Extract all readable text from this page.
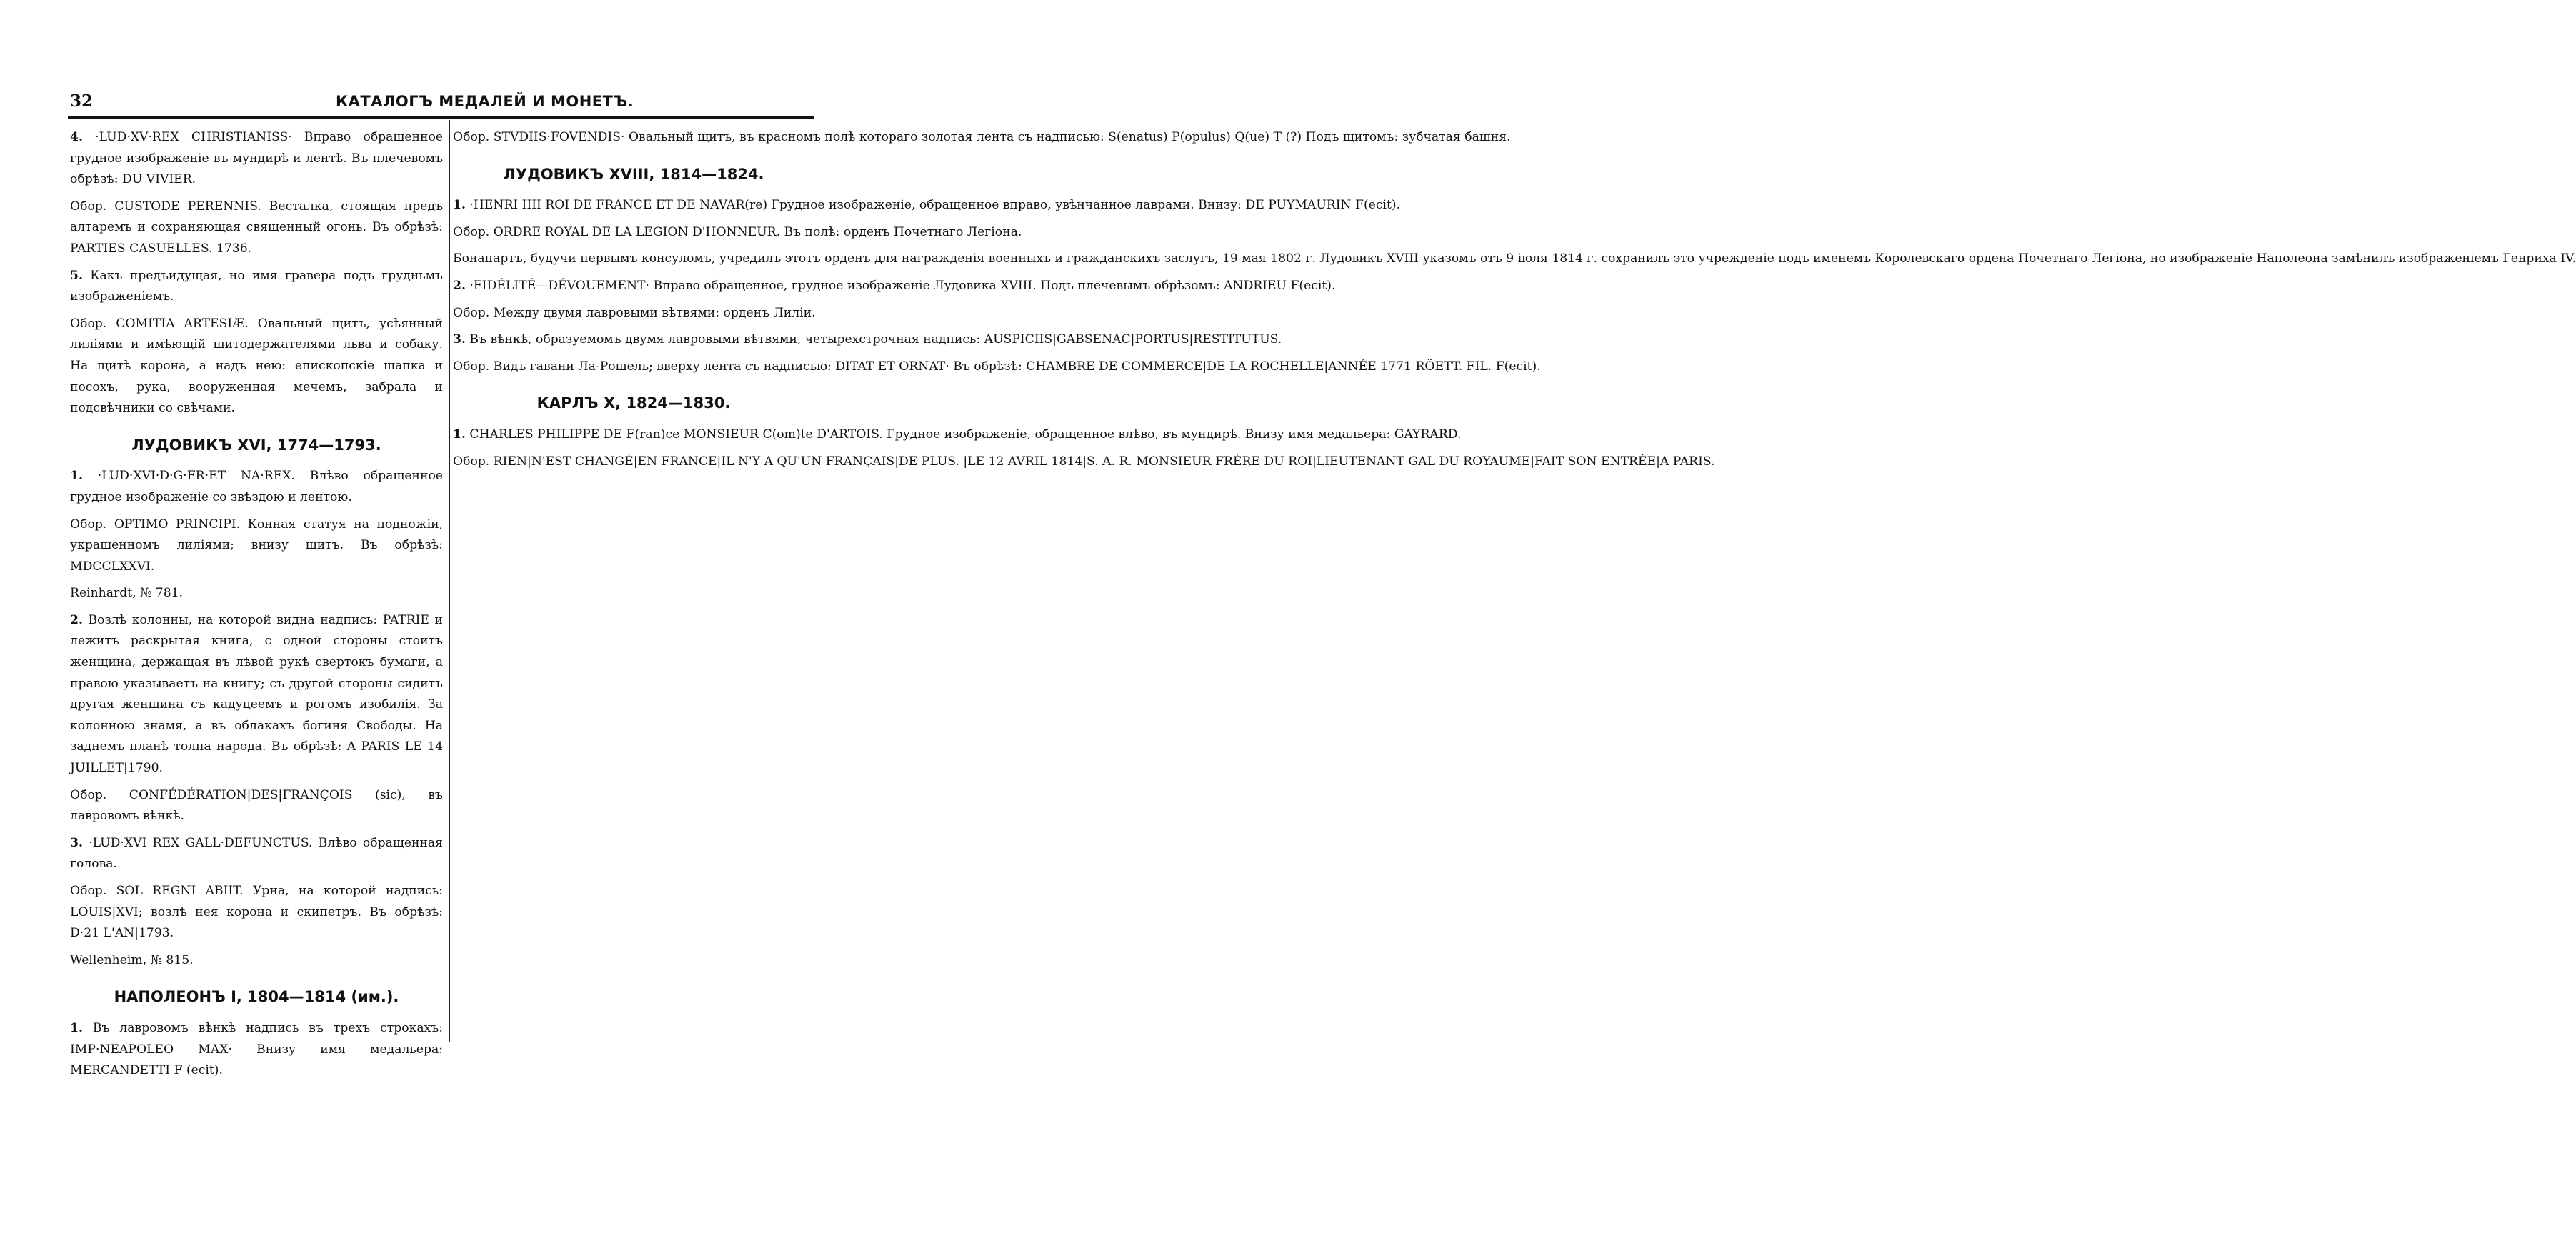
32	КАТАЛОГЪ МЕДАЛЕЙ И МОНЕТЪ.

4. ·LUD·XV·REX CHRISTIANISS· Вправо обращенное грудное изображеніе въ мундирѣ и лентѣ. Въ плечевомъ обрѣзѣ: DU VIVIER.

Обор. CUSTODE PERENNIS. Весталка, стоящая предъ алтаремъ и сохраняющая священный огонь. Въ обрѣзѣ: PARTIES CASUELLES. 1736.

5. Какъ предъидущая, но имя гравера подъ грудньмъ изображеніемъ.

Обор. COMITIA ARTESIÆ. Овальный щитъ, усѣянный лиліями и имѣющій щитодержателями льва и собаку. На щитѣ корона, а надъ нею: епископскіе шапка и посохъ, рука, вооруженная мечемъ, забрала и подсвѣчники со свѣчами.

ЛУДОВИКЪ XVI, 1774—1793.

1. ·LUD·XVI·D·G·FR·ET NA·REX. Влѣво обращенное грудное изображеніе со звѣздою и лентою.

Обор. OPTIMO PRINCIPI. Конная статуя на подножіи, украшенномъ лиліями; внизу щитъ. Въ обрѣзѣ: MDCCLXXVI.

Reinhardt, № 781.

2. Возлѣ колонны, на которой видна надпись: PATRIE и лежитъ раскрытая книга, с одной стороны стоитъ женщина, держащая въ лѣвой рукѣ свертокъ бумаги, а правою указываетъ на книгу; съ другой стороны сидитъ другая женщина съ кадуцеемъ и рогомъ изобилія. За колонною знамя, а въ облакахъ богиня Свободы. На заднемъ планѣ толпа народа. Въ обрѣзѣ: A PARIS LE 14 JUILLET|1790.

Обор. CONFÉDÉRATION|DES|FRANÇOIS (sic), въ лавровомъ вѣнкѣ.

3. ·LUD·XVI REX GALL·DEFUNCTUS. Влѣво обращенная голова.

Обор. SOL REGNI ABIIT. Урна, на которой надпись: LOUIS|XVI; возлѣ нея корона и скипетръ. Въ обрѣзѣ: D·21 L'AN|1793.

Wellenheim, № 815.

НАПОЛЕОНЪ I, 1804—1814 (им.).

1. Въ лавровомъ вѣнкѣ надпись въ трехъ строкахъ: IMP·NEAPOLEO MAX· Внизу имя медальера: MERCANDETTI F (ecit).

Обор. STVDIIS·FOVENDIS· Овальный щитъ, въ красномъ полѣ котораго золотая лента съ надписью: S(enatus) P(opulus) Q(ue) T (?) Подъ щитомъ: зубчатая башня.

ЛУДОВИКЪ XVIII, 1814—1824.

1. ·HENRI IIII ROI DE FRANCE ET DE NAVAR(re) Грудное изображеніе, обращенное вправо, увѣнчанное лаврами. Внизу: DE PUYMAURIN F(ecit).

Обор. ORDRE ROYAL DE LA LEGION D'HONNEUR. Въ полѣ: орденъ Почетнаго Легіона.

Бонапартъ, будучи первымъ консуломъ, учредилъ этотъ орденъ для награжденія военныхъ и гражданскихъ заслугъ, 19 мая 1802 г. Лудовикъ XVIII указомъ отъ 9 іюля 1814 г. сохранилъ это учрежденіе подъ именемъ Королевскаго ордена Почетнаго Легіона, но изображеніе Наполеона замѣнилъ изображеніемъ Генриха IV.

2. ·FIDÉLITÉ—DÉVOUEMENT· Вправо обращенное, грудное изображеніе Лудовика XVIII. Подъ плечевымъ обрѣзомъ: ANDRIEU F(ecit).

Обор. Между двумя лавровыми вѣтвями: орденъ Лиліи.

3. Въ вѣнкѣ, образуемомъ двумя лавровыми вѣтвями, четырехстрочная надпись: AUSPICIIS|GABSENAC|PORTUS|RESTITUTUS.

Обор. Видъ гавани Ла-Рошель; вверху лента съ надписью: DITAT ET ORNAT· Въ обрѣзѣ: CHAMBRE DE COMMERCE|DE LA ROCHELLE|ANNÉE 1771 RÖETT. FIL. F(ecit).

КАРЛЪ X, 1824—1830.

1. CHARLES PHILIPPE DE F(ran)ce MONSIEUR C(om)te D'ARTOIS. Грудное изображеніе, обращенное влѣво, въ мундирѣ. Внизу имя медальера: GAYRARD.

Обор. RIEN|N'EST CHANGÉ|EN FRANCE|IL N'Y A QU'UN FRANÇAIS|DE PLUS. |LE 12 AVRIL 1814|S. A. R. MONSIEUR FRÈRE DU ROI|LIEUTENANT GAL DU ROYAUME|FAIT SON ENTRÉE|A PARIS.
